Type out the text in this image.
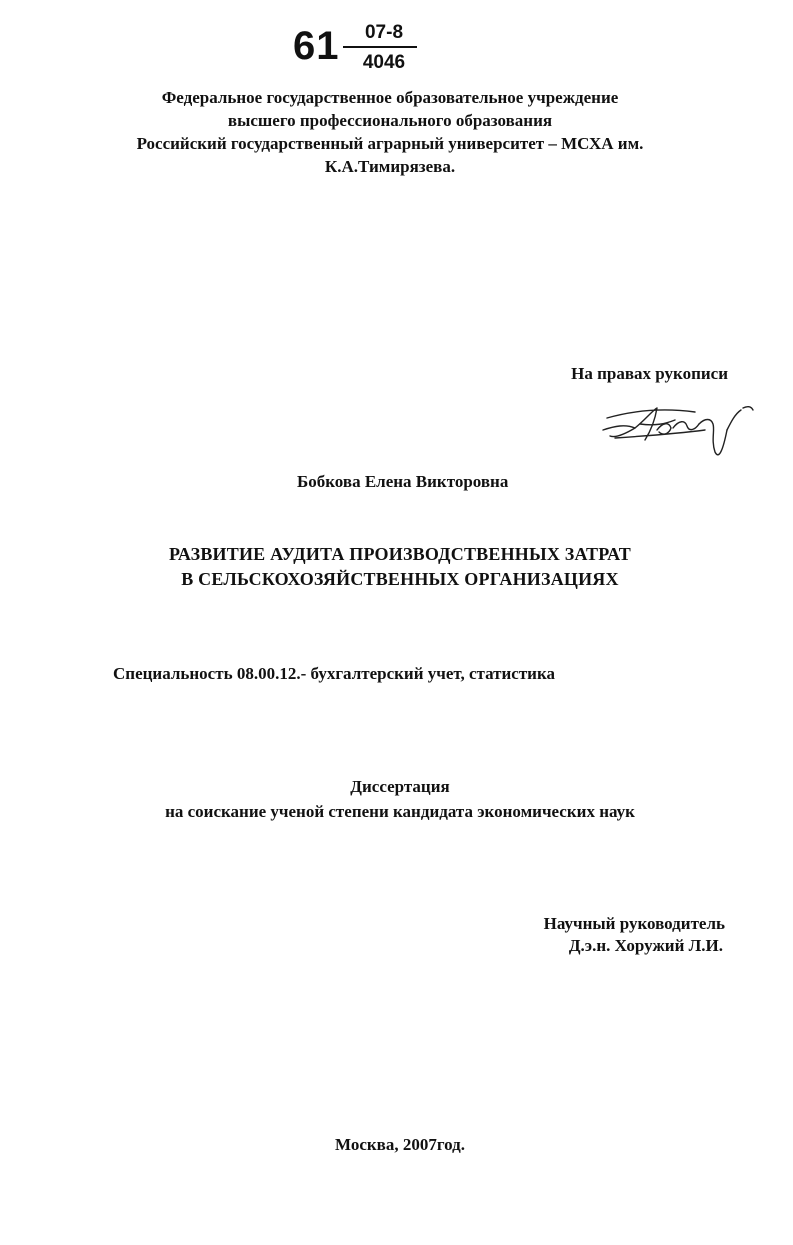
61	07-8
4046
Федеральное государственное образовательное учреждение
высшего профессионального образования
Российский государственный аграрный университет – МСХА им.
К.А.Тимирязева.
На правах рукописи
Бобкова Елена Викторовна
РАЗВИТИЕ АУДИТА ПРОИЗВОДСТВЕННЫХ ЗАТРАТ
В СЕЛЬСКОХОЗЯЙСТВЕННЫХ ОРГАНИЗАЦИЯХ
Специальность 08.00.12.- бухгалтерский учет, статистика
Диссертация
на соискание ученой степени кандидата экономических наук
Научный руководитель
Д.э.н. Хоружий Л.И.
Москва, 2007год.
